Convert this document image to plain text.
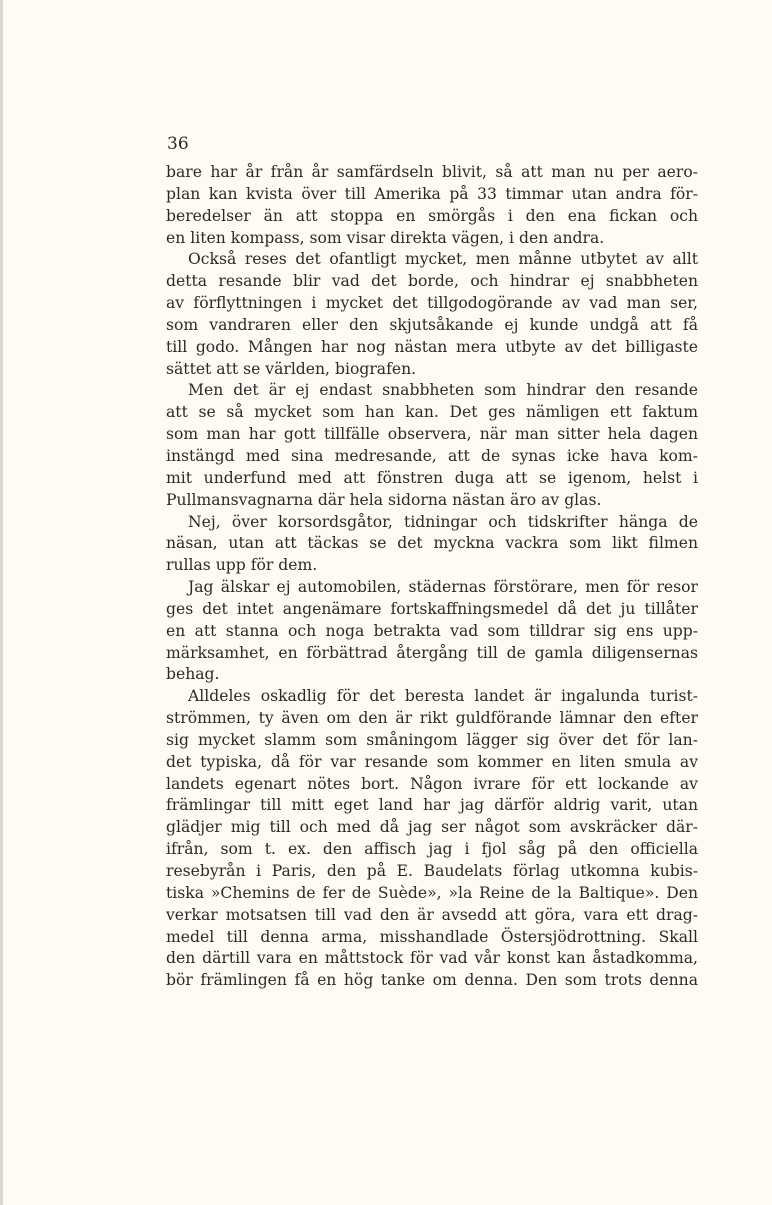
36
bare har år från år samfärdseln blivit, så att man nu per aero-
plan kan kvista över till Amerika på 33 timmar utan andra för-
beredelser än att stoppa en smörgås i den ena fickan och
en liten kompass, som visar direkta vägen, i den andra.
Också reses det ofantligt mycket, men månne utbytet av allt
detta resande blir vad det borde, och hindrar ej snabbheten
av förflyttningen i mycket det tillgodogörande av vad man ser,
som vandraren eller den skjutsåkande ej kunde undgå att få
till godo. Mången har nog nästan mera utbyte av det billigaste
sättet att se världen, biografen.
Men det är ej endast snabbheten som hindrar den resande
att se så mycket som han kan. Det ges nämligen ett faktum
som man har gott tillfälle observera, när man sitter hela dagen
instängd med sina medresande, att de synas icke hava kom-
mit underfund med att fönstren duga att se igenom, helst i
Pullmansvagnarna där hela sidorna nästan äro av glas.
Nej, över korsordsgåtor, tidningar och tidskrifter hänga de
näsan, utan att täckas se det myckna vackra som likt filmen
rullas upp för dem.
Jag älskar ej automobilen, städernas förstörare, men för resor
ges det intet angenämare fortskaffningsmedel då det ju tillåter
en att stanna och noga betrakta vad som tilldrar sig ens upp-
märksamhet, en förbättrad återgång till de gamla diligensernas
behag.
Alldeles oskadlig för det beresta landet är ingalunda turist-
strömmen, ty även om den är rikt guldförande lämnar den efter
sig mycket slamm som småningom lägger sig över det för lan-
det typiska, då för var resande som kommer en liten smula av
landets egenart nötes bort. Någon ivrare för ett lockande av
främlingar till mitt eget land har jag därför aldrig varit, utan
glädjer mig till och med då jag ser något som avskräcker där-
ifrån, som t. ex. den affisch jag i fjol såg på den officiella
resebyrån i Paris, den på E. Baudelats förlag utkomna kubis-
tiska »Chemins de fer de Suède», »la Reine de la Baltique». Den
verkar motsatsen till vad den är avsedd att göra, vara ett drag-
medel till denna arma, misshandlade Östersjödrottning. Skall
den därtill vara en måttstock för vad vår konst kan åstadkomma,
bör främlingen få en hög tanke om denna. Den som trots denna
